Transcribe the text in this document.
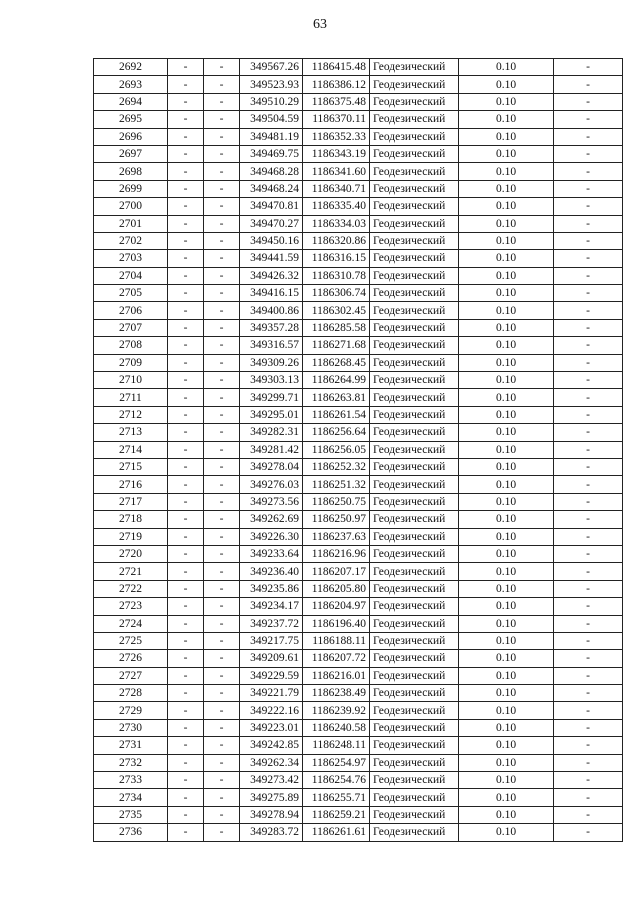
63
2692	-	-	349567.26	1186415.48	Геодезический	0.10	-
2693	-	-	349523.93	1186386.12	Геодезический	0.10	-
2694	-	-	349510.29	1186375.48	Геодезический	0.10	-
2695	-	-	349504.59	1186370.11	Геодезический	0.10	-
2696	-	-	349481.19	1186352.33	Геодезический	0.10	-
2697	-	-	349469.75	1186343.19	Геодезический	0.10	-
2698	-	-	349468.28	1186341.60	Геодезический	0.10	-
2699	-	-	349468.24	1186340.71	Геодезический	0.10	-
2700	-	-	349470.81	1186335.40	Геодезический	0.10	-
2701	-	-	349470.27	1186334.03	Геодезический	0.10	-
2702	-	-	349450.16	1186320.86	Геодезический	0.10	-
2703	-	-	349441.59	1186316.15	Геодезический	0.10	-
2704	-	-	349426.32	1186310.78	Геодезический	0.10	-
2705	-	-	349416.15	1186306.74	Геодезический	0.10	-
2706	-	-	349400.86	1186302.45	Геодезический	0.10	-
2707	-	-	349357.28	1186285.58	Геодезический	0.10	-
2708	-	-	349316.57	1186271.68	Геодезический	0.10	-
2709	-	-	349309.26	1186268.45	Геодезический	0.10	-
2710	-	-	349303.13	1186264.99	Геодезический	0.10	-
2711	-	-	349299.71	1186263.81	Геодезический	0.10	-
2712	-	-	349295.01	1186261.54	Геодезический	0.10	-
2713	-	-	349282.31	1186256.64	Геодезический	0.10	-
2714	-	-	349281.42	1186256.05	Геодезический	0.10	-
2715	-	-	349278.04	1186252.32	Геодезический	0.10	-
2716	-	-	349276.03	1186251.32	Геодезический	0.10	-
2717	-	-	349273.56	1186250.75	Геодезический	0.10	-
2718	-	-	349262.69	1186250.97	Геодезический	0.10	-
2719	-	-	349226.30	1186237.63	Геодезический	0.10	-
2720	-	-	349233.64	1186216.96	Геодезический	0.10	-
2721	-	-	349236.40	1186207.17	Геодезический	0.10	-
2722	-	-	349235.86	1186205.80	Геодезический	0.10	-
2723	-	-	349234.17	1186204.97	Геодезический	0.10	-
2724	-	-	349237.72	1186196.40	Геодезический	0.10	-
2725	-	-	349217.75	1186188.11	Геодезический	0.10	-
2726	-	-	349209.61	1186207.72	Геодезический	0.10	-
2727	-	-	349229.59	1186216.01	Геодезический	0.10	-
2728	-	-	349221.79	1186238.49	Геодезический	0.10	-
2729	-	-	349222.16	1186239.92	Геодезический	0.10	-
2730	-	-	349223.01	1186240.58	Геодезический	0.10	-
2731	-	-	349242.85	1186248.11	Геодезический	0.10	-
2732	-	-	349262.34	1186254.97	Геодезический	0.10	-
2733	-	-	349273.42	1186254.76	Геодезический	0.10	-
2734	-	-	349275.89	1186255.71	Геодезический	0.10	-
2735	-	-	349278.94	1186259.21	Геодезический	0.10	-
2736	-	-	349283.72	1186261.61	Геодезический	0.10	-
